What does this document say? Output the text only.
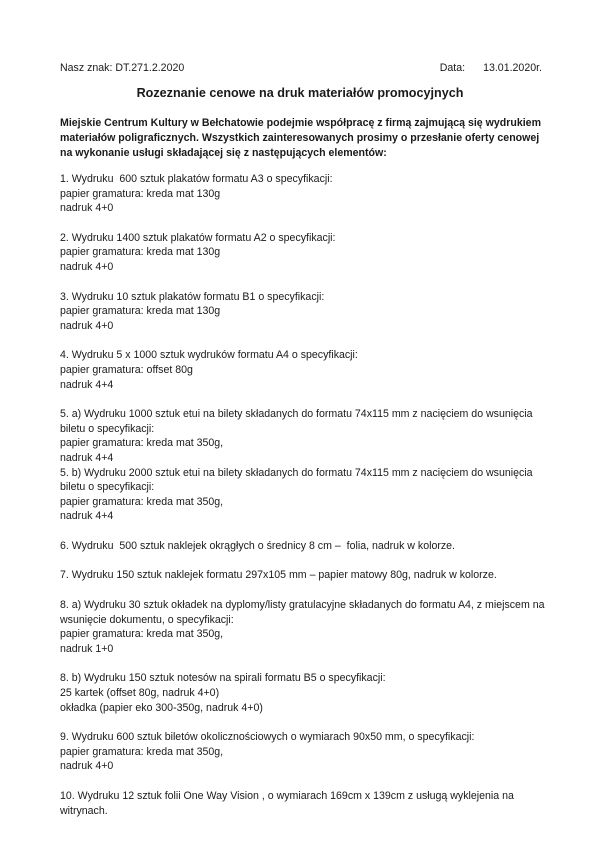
Nasz znak: DT.271.2.2020	Data: 13.01.2020r.
Rozeznanie cenowe na druk materiałów promocyjnych
Miejskie Centrum Kultury w Bełchatowie podejmie współpracę z firmą zajmującą się wydrukiem materiałów poligraficznych. Wszystkich zainteresowanych prosimy o przesłanie oferty cenowej na wykonanie usługi składającej się z następujących elementów:
1. Wydruku  600 sztuk plakatów formatu A3 o specyfikacji:
papier gramatura: kreda mat 130g
nadruk 4+0
2. Wydruku 1400 sztuk plakatów formatu A2 o specyfikacji:
papier gramatura: kreda mat 130g
nadruk 4+0
3. Wydruku 10 sztuk plakatów formatu B1 o specyfikacji:
papier gramatura: kreda mat 130g
nadruk 4+0
4. Wydruku 5 x 1000 sztuk wydruków formatu A4 o specyfikacji:
papier gramatura: offset 80g
nadruk 4+4
5. a) Wydruku 1000 sztuk etui na bilety składanych do formatu 74x115 mm z nacięciem do wsunięcia
biletu o specyfikacji:
papier gramatura: kreda mat 350g,
nadruk 4+4
5. b) Wydruku 2000 sztuk etui na bilety składanych do formatu 74x115 mm z nacięciem do wsunięcia
biletu o specyfikacji:
papier gramatura: kreda mat 350g,
nadruk 4+4
6. Wydruku  500 sztuk naklejek okrągłych o średnicy 8 cm –  folia, nadruk w kolorze.
7. Wydruku 150 sztuk naklejek formatu 297x105 mm – papier matowy 80g, nadruk w kolorze.
8. a) Wydruku 30 sztuk okładek na dyplomy/listy gratulacyjne składanych do formatu A4, z miejscem na
wsunięcie dokumentu, o specyfikacji:
papier gramatura: kreda mat 350g,
nadruk 1+0
8. b) Wydruku 150 sztuk notesów na spirali formatu B5 o specyfikacji:
25 kartek (offset 80g, nadruk 4+0)
okładka (papier eko 300-350g, nadruk 4+0)
9. Wydruku 600 sztuk biletów okolicznościowych o wymiarach 90x50 mm, o specyfikacji:
papier gramatura: kreda mat 350g,
nadruk 4+0
10. Wydruku 12 sztuk folii One Way Vision , o wymiarach 169cm x 139cm z usługą wyklejenia na
witrynach.
